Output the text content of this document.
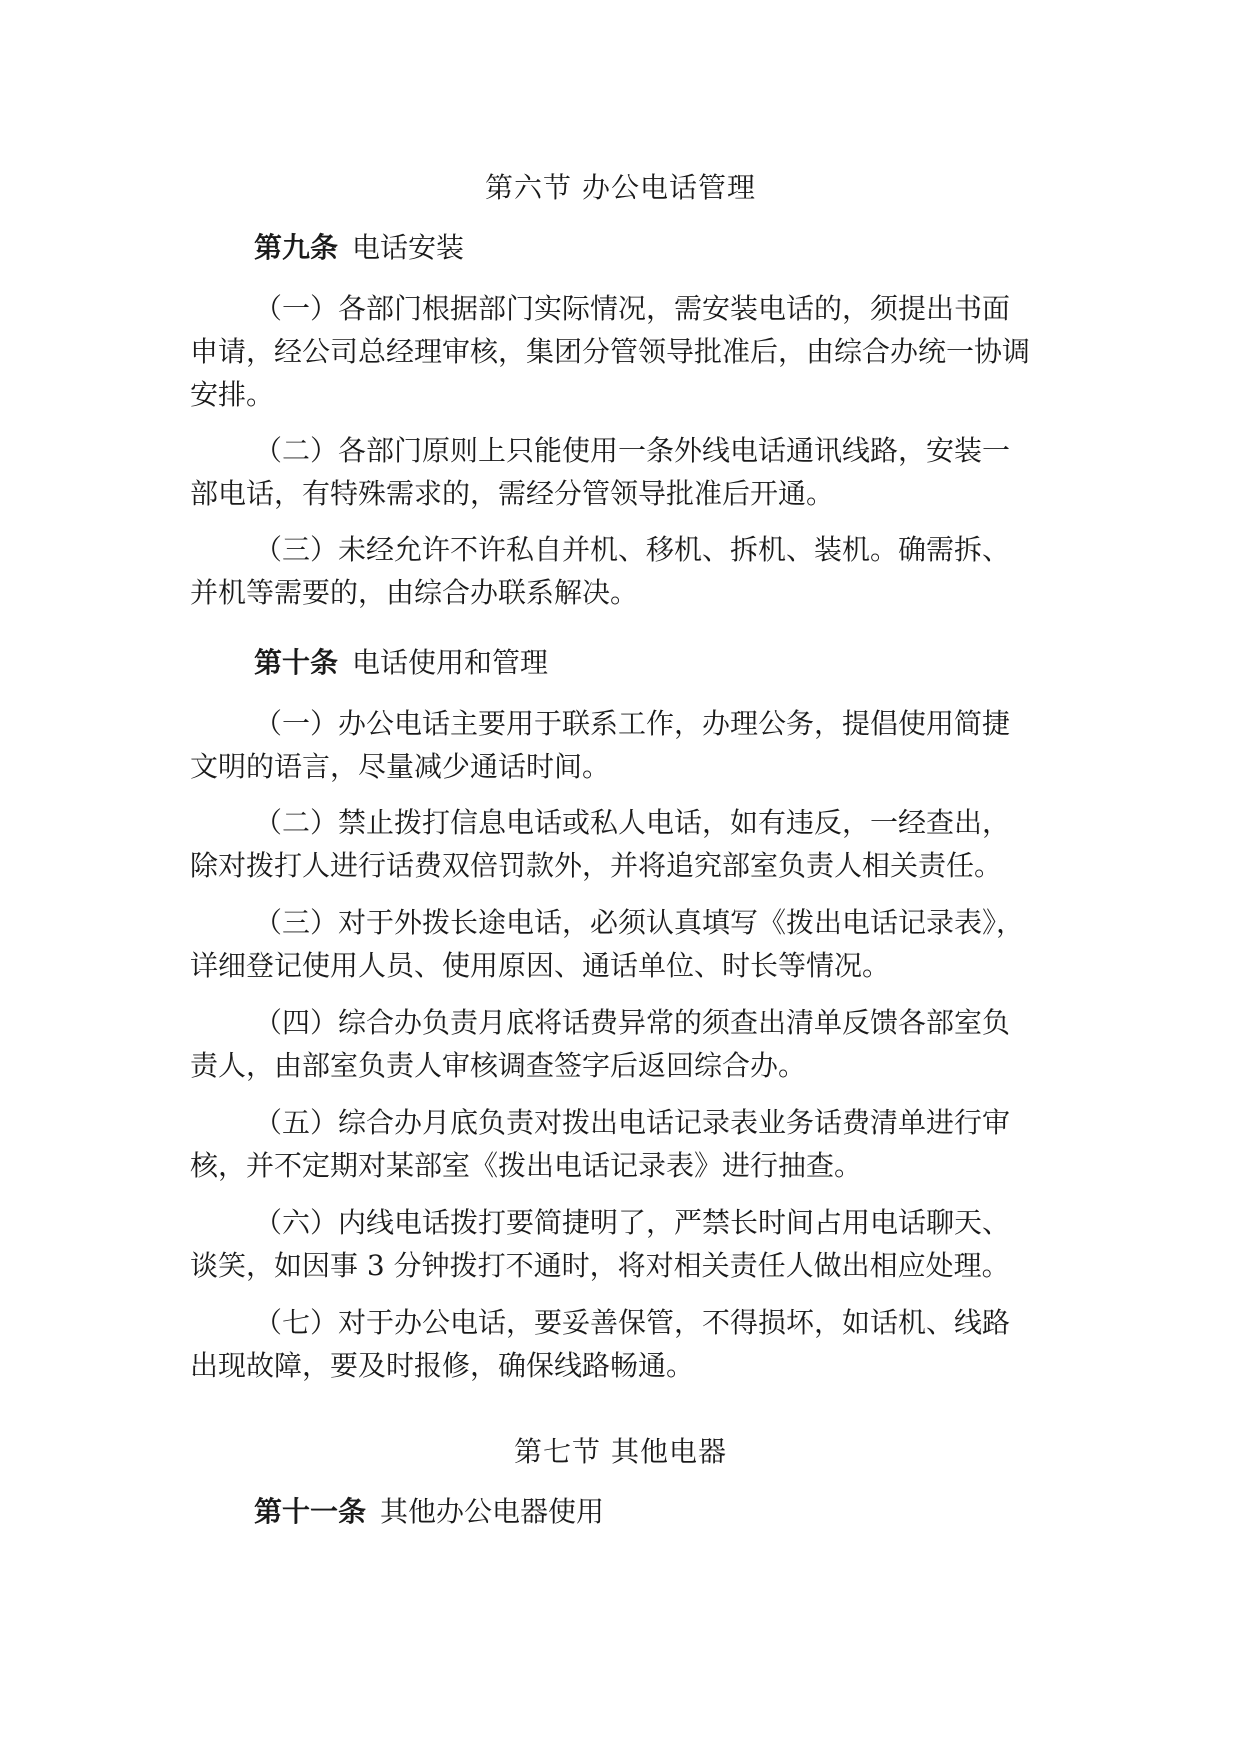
第六节 办公电话管理
第九条 电话安装
（一）各部门根据部门实际情况，需安装电话的，须提出书面
申请，经公司总经理审核，集团分管领导批准后，由综合办统一协调
安排。
（二）各部门原则上只能使用一条外线电话通讯线路，安装一
部电话，有特殊需求的，需经分管领导批准后开通。
（三）未经允许不许私自并机、移机、拆机、装机。确需拆、
并机等需要的，由综合办联系解决。
第十条 电话使用和管理
（一）办公电话主要用于联系工作，办理公务，提倡使用简捷
文明的语言，尽量减少通话时间。
（二）禁止拨打信息电话或私人电话，如有违反，一经查出，
除对拨打人进行话费双倍罚款外，并将追究部室负责人相关责任。
（三）对于外拨长途电话，必须认真填写《拨出电话记录表》，
详细登记使用人员、使用原因、通话单位、时长等情况。
（四）综合办负责月底将话费异常的须查出清单反馈各部室负
责人，由部室负责人审核调查签字后返回综合办。
（五）综合办月底负责对拨出电话记录表业务话费清单进行审
核，并不定期对某部室《拨出电话记录表》进行抽查。
（六）内线电话拨打要简捷明了，严禁长时间占用电话聊天、
谈笑，如因事 3 分钟拨打不通时，将对相关责任人做出相应处理。
（七）对于办公电话，要妥善保管，不得损坏，如话机、线路
出现故障，要及时报修，确保线路畅通。
第七节 其他电器
第十一条 其他办公电器使用
